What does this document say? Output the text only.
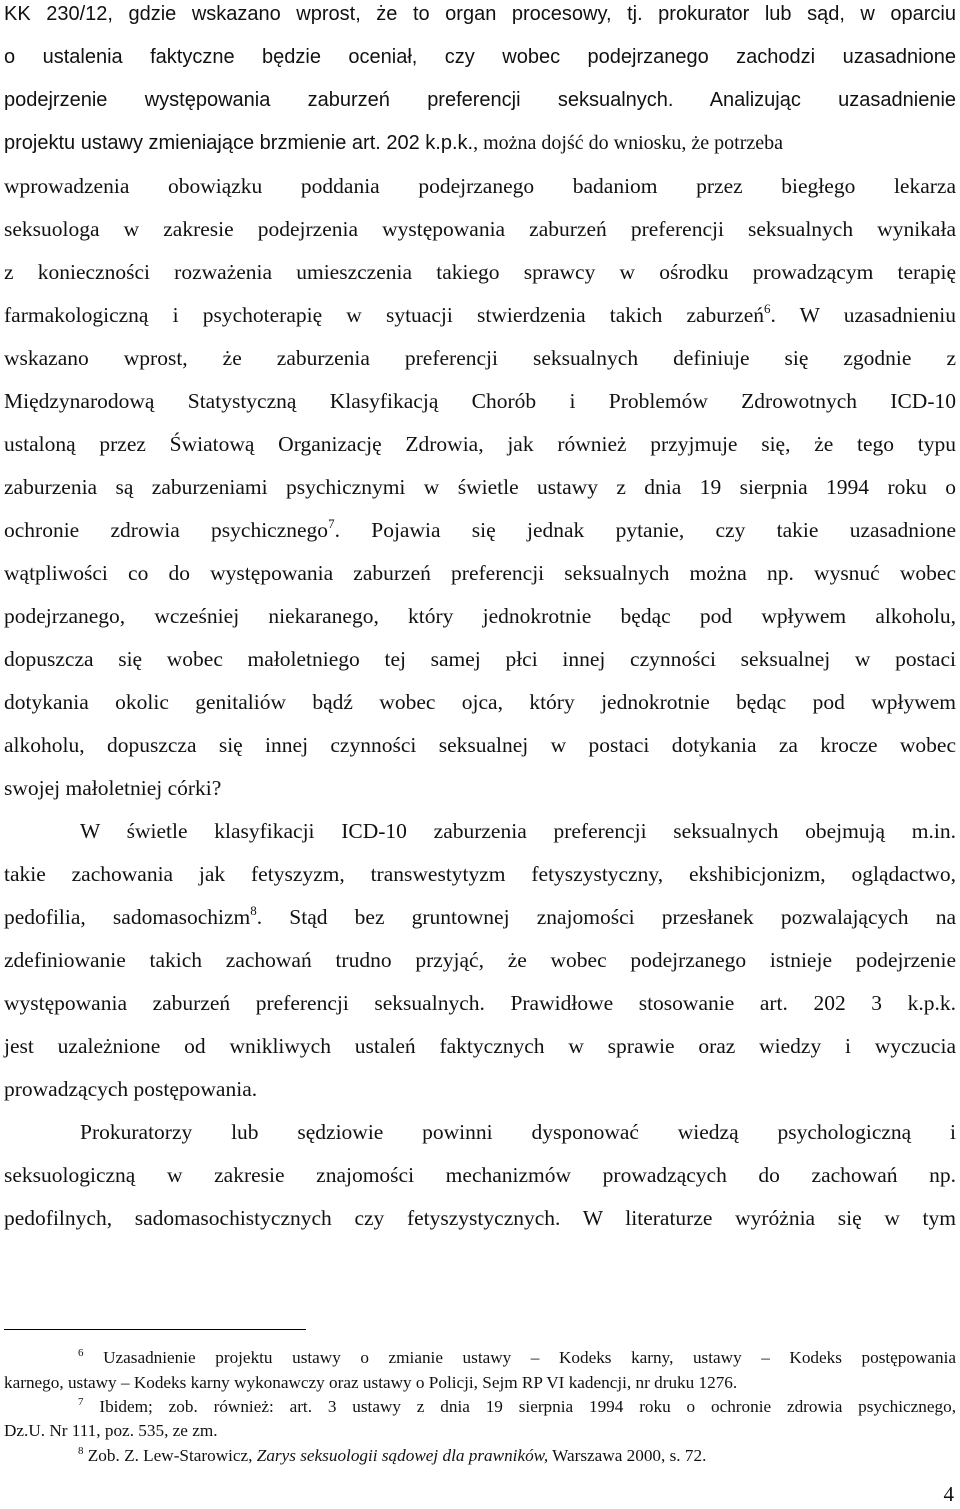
KK 230/12, gdzie wskazano wprost, że to organ procesowy, tj. prokurator lub sąd, w oparciu
o ustalenia faktyczne będzie oceniał, czy wobec podejrzanego zachodzi uzasadnione
podejrzenie występowania zaburzeń preferencji seksualnych. Analizując uzasadnienie
projektu ustawy zmieniające brzmienie art. 202 k.p.k., można dojść do wniosku, że potrzeba
wprowadzenia obowiązku poddania podejrzanego badaniom przez biegłego lekarza
seksuologa w zakresie podejrzenia występowania zaburzeń preferencji seksualnych wynikała
z konieczności rozważenia umieszczenia takiego sprawcy w ośrodku prowadzącym terapię
farmakologiczną i psychoterapię w sytuacji stwierdzenia takich zaburzeń$^6$. W uzasadnieniu
wskazano wprost, że zaburzenia preferencji seksualnych definiuje się zgodnie z
Międzynarodową Statystyczną Klasyfikacją Chorób i Problemów Zdrowotnych ICD-10
ustaloną przez Światową Organizację Zdrowia, jak również przyjmuje się, że tego typu
zaburzenia są zaburzeniami psychicznymi w świetle ustawy z dnia 19 sierpnia 1994 roku o
ochronie zdrowia psychicznego$^7$. Pojawia się jednak pytanie, czy takie uzasadnione
wątpliwości co do występowania zaburzeń preferencji seksualnych można np. wysnuć wobec
podejrzanego, wcześniej niekaranego, który jednokrotnie będąc pod wpływem alkoholu,
dopuszcza się wobec małoletniego tej samej płci innej czynności seksualnej w postaci
dotykania okolic genitaliów bądź wobec ojca, który jednokrotnie będąc pod wpływem
alkoholu, dopuszcza się innej czynności seksualnej w postaci dotykania za krocze wobec
swojej małoletniej córki?
W świetle klasyfikacji ICD-10 zaburzenia preferencji seksualnych obejmują m.in.
takie zachowania jak fetyszyzm, transwestytyzm fetyszystyczny, ekshibicjonizm, oglądactwo,
pedofilia, sadomasochizm$^8$. Stąd bez gruntownej znajomości przesłanek pozwalających na
zdefiniowanie takich zachowań trudno przyjąć, że wobec podejrzanego istnieje podejrzenie
występowania zaburzeń preferencji seksualnych. Prawidłowe stosowanie art. 202 3 k.p.k.
jest uzależnione od wnikliwych ustaleń faktycznych w sprawie oraz wiedzy i wyczucia
prowadzących postępowania.
Prokuratorzy lub sędziowie powinni dysponować wiedzą psychologiczną i
seksuologiczną w zakresie znajomości mechanizmów prowadzących do zachowań np.
pedofilnych, sadomasochistycznych czy fetyszystycznych. W literaturze wyróżnia się w tym
$^6$ Uzasadnienie projektu ustawy o zmianie ustawy – Kodeks karny, ustawy – Kodeks postępowania
karnego, ustawy – Kodeks karny wykonawczy oraz ustawy o Policji, Sejm RP VI kadencji, nr druku 1276.
$^7$ Ibidem; zob. również: art. 3 ustawy z dnia 19 sierpnia 1994 roku o ochronie zdrowia psychicznego,
Dz.U. Nr 111, poz. 535, ze zm.
$^8$ Zob. Z. Lew-Starowicz, Zarys seksuologii sądowej dla prawników, Warszawa 2000, s. 72.
4
